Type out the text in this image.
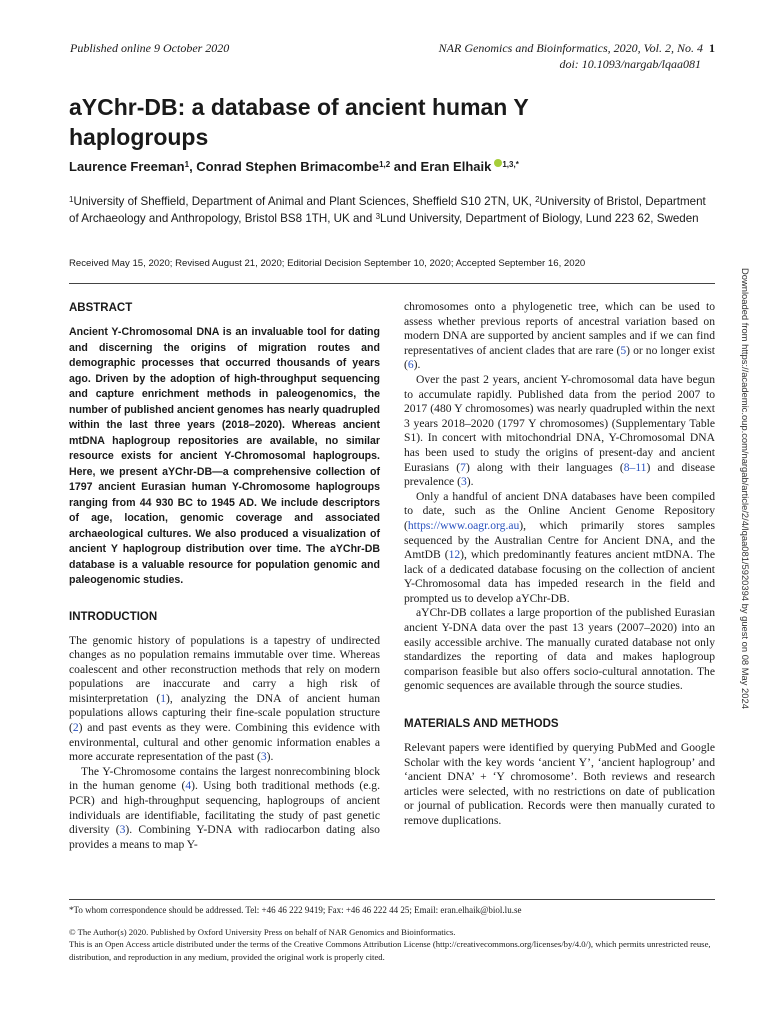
Published online 9 October 2020	NAR Genomics and Bioinformatics, 2020, Vol. 2, No. 4 1
doi: 10.1093/nargab/lqaa081
aYChr-DB: a database of ancient human Y haplogroups
Laurence Freeman$^1$, Conrad Stephen Brimacombe$^{1,2}$ and Eran Elhaik $^{1,3,*}$
$^1$University of Sheffield, Department of Animal and Plant Sciences, Sheffield S10 2TN, UK, $^2$University of Bristol, Department of Archaeology and Anthropology, Bristol BS8 1TH, UK and $^3$Lund University, Department of Biology, Lund 223 62, Sweden
Received May 15, 2020; Revised August 21, 2020; Editorial Decision September 10, 2020; Accepted September 16, 2020
ABSTRACT

Ancient Y-Chromosomal DNA is an invaluable tool for dating and discerning the origins of migration routes and demographic processes that occurred thousands of years ago. Driven by the adoption of high-throughput sequencing and capture enrichment methods in paleogenomics, the number of published ancient genomes has nearly quadrupled within the last three years (2018–2020). Whereas ancient mtDNA haplogroup repositories are available, no similar resource exists for ancient Y-Chromosomal haplogroups. Here, we present aYChr-DB—a comprehensive collection of 1797 ancient Eurasian human Y-Chromosome haplogroups ranging from 44 930 BC to 1945 AD. We include descriptors of age, location, genomic coverage and associated archaeological cultures. We also produced a visualization of ancient Y haplogroup distribution over time. The aYChr-DB database is a valuable resource for population genomic and paleogenomic studies.

INTRODUCTION

The genomic history of populations is a tapestry of undirected changes as no population remains immutable over time. Whereas coalescent and other reconstruction methods that rely on modern populations are inaccurate and carry a high risk of misinterpretation (1), analyzing the DNA of ancient human populations allows capturing their fine-scale population structure (2) and past events as they were. Combining this evidence with environmental, cultural and other genomic information enables a more accurate representation of the past (3).

The Y-Chromosome contains the largest nonrecombining block in the human genome (4). Using both traditional methods (e.g. PCR) and high-throughput sequencing, haplogroups of ancient individuals are identifiable, facilitating the study of past genetic diversity (3). Combining Y-DNA with radiocarbon dating also provides a means to map Y-

chromosomes onto a phylogenetic tree, which can be used to assess whether previous reports of ancestral variation based on modern DNA are supported by ancient samples and if we can find representatives of ancient clades that are rare (5) or no longer exist (6).

Over the past 2 years, ancient Y-chromosomal data have begun to accumulate rapidly. Published data from the period 2007 to 2017 (480 Y chromosomes) was nearly quadrupled within the next 3 years 2018–2020 (1797 Y chromosomes) (Supplementary Table S1). In concert with mitochondrial DNA, Y-Chromosomal DNA has been used to study the origins of present-day and ancient Eurasians (7) along with their languages (8–11) and disease prevalence (3).

Only a handful of ancient DNA databases have been compiled to date, such as the Online Ancient Genome Repository (https://www.oagr.org.au), which primarily stores samples sequenced by the Australian Centre for Ancient DNA, and the AmtDB (12), which predominantly features ancient mtDNA. The lack of a dedicated database focusing on the collection of ancient Y-Chromosomal data has impeded research in the field and prompted us to develop aYChr-DB.

aYChr-DB collates a large proportion of the published Eurasian ancient Y-DNA data over the past 13 years (2007–2020) into an easily accessible archive. The manually curated database not only standardizes the reporting of data and makes haplogroup comparison feasible but also offers socio-cultural annotation. The genomic sequences are available through the source studies.

MATERIALS AND METHODS

Relevant papers were identified by querying PubMed and Google Scholar with the key words ‘ancient Y’, ‘ancient haplogroup’ and ‘ancient DNA’ + ‘Y chromosome’. Both reviews and research articles were selected, with no restrictions on date of publication or journal of publication. Records were then manually curated to remove duplications.

Downloaded from https://academic.oup.com/nargab/article/2/4/lqaa081/5920394 by guest on 08 May 2024
*To whom correspondence should be addressed. Tel: +46 46 222 9419; Fax: +46 46 222 44 25; Email: eran.elhaik@biol.lu.se
© The Author(s) 2020. Published by Oxford University Press on behalf of NAR Genomics and Bioinformatics.
This is an Open Access article distributed under the terms of the Creative Commons Attribution License (http://creativecommons.org/licenses/by/4.0/), which permits unrestricted reuse, distribution, and reproduction in any medium, provided the original work is properly cited.
